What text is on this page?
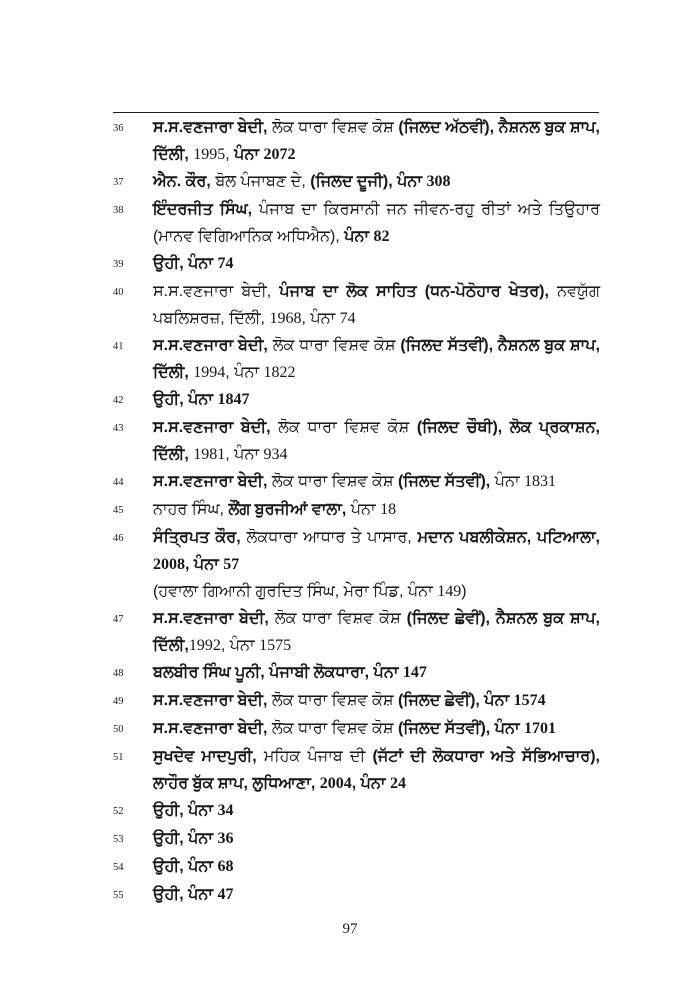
36	ਸ.ਸ.ਵਣਜਾਰਾ ਬੇਦੀ, ਲੋਕ ਧਾਰਾ ਵਿਸ਼ਵ ਕੋਸ਼ (ਜਿਲਦ ਅੱਠਵੀਂ), ਨੈਸ਼ਨਲ ਬੁਕ ਸ਼ਾਪ, ਦਿੱਲੀ, 1995, ਪੰਨਾ 2072

37	ਐਨ. ਕੌਰ, ਬੋਲ ਪੰਜਾਬਣ ਦੇ, (ਜਿਲਦ ਦੂਜੀ), ਪੰਨਾ 308

38	ਇੰਦਰਜੀਤ ਸਿੰਘ, ਪੰਜਾਬ ਦਾ ਕਿਰਸਾਨੀ ਜਨ ਜੀਵਨ-ਰਹੁ ਰੀਤਾਂ ਅਤੇ ਤਿਉਹਾਰ (ਮਾਨਵ ਵਿਗਿਆਨਿਕ ਅਧਿਐਨ), ਪੰਨਾ 82

39	ਉਹੀ, ਪੰਨਾ 74

40	ਸ.ਸ.ਵਣਜਾਰਾ ਬੇਦੀ, ਪੰਜਾਬ ਦਾ ਲੋਕ ਸਾਹਿਤ (ਧਨ-ਪੋਠੋਹਾਰ ਖੇਤਰ), ਨਵਯੁੱਗ ਪਬਲਿਸ਼ਰਜ਼, ਦਿੱਲੀ, 1968, ਪੰਨਾ 74

41	ਸ.ਸ.ਵਣਜਾਰਾ ਬੇਦੀ, ਲੋਕ ਧਾਰਾ ਵਿਸ਼ਵ ਕੋਸ਼ (ਜਿਲਦ ਸੱਤਵੀਂ), ਨੈਸ਼ਨਲ ਬੁਕ ਸ਼ਾਪ, ਦਿੱਲੀ, 1994, ਪੰਨਾ 1822

42	ਉਹੀ, ਪੰਨਾ 1847

43	ਸ.ਸ.ਵਣਜਾਰਾ ਬੇਦੀ, ਲੋਕ ਧਾਰਾ ਵਿਸ਼ਵ ਕੋਸ਼ (ਜਿਲਦ ਚੌਥੀ), ਲੋਕ ਪ੍ਰਕਾਸ਼ਨ, ਦਿੱਲੀ, 1981, ਪੰਨਾ 934

44	ਸ.ਸ.ਵਣਜਾਰਾ ਬੇਦੀ, ਲੋਕ ਧਾਰਾ ਵਿਸ਼ਵ ਕੋਸ਼ (ਜਿਲਦ ਸੱਤਵੀਂ), ਪੰਨਾ 1831

45	ਨਾਹਰ ਸਿੰਘ, ਲੌਂਗ ਬੁਰਜੀਆਂ ਵਾਲਾ, ਪੰਨਾ 18

46	ਸੰਤ੍ਰਿਪਤ ਕੌਰ, ਲੋਕਧਾਰਾ ਆਧਾਰ ਤੇ ਪਾਸਾਰ, ਮਦਾਨ ਪਬਲੀਕੇਸ਼ਨ, ਪਟਿਆਲਾ, 2008, ਪੰਨਾ 57

(ਹਵਾਲਾ ਗਿਆਨੀ ਗੁਰਦਿਤ ਸਿੰਘ, ਮੇਰਾ ਪਿੰਡ, ਪੰਨਾ 149)

47	ਸ.ਸ.ਵਣਜਾਰਾ ਬੇਦੀ, ਲੋਕ ਧਾਰਾ ਵਿਸ਼ਵ ਕੋਸ਼ (ਜਿਲਦ ਛੇਵੀਂ), ਨੈਸ਼ਨਲ ਬੁਕ ਸ਼ਾਪ, ਦਿੱਲੀ,1992, ਪੰਨਾ 1575

48	ਬਲਬੀਰ ਸਿੰਘ ਪੂਨੀ, ਪੰਜਾਬੀ ਲੋਕਧਾਰਾ, ਪੰਨਾ 147

49	ਸ.ਸ.ਵਣਜਾਰਾ ਬੇਦੀ, ਲੋਕ ਧਾਰਾ ਵਿਸ਼ਵ ਕੋਸ਼ (ਜਿਲਦ ਛੇਵੀਂ), ਪੰਨਾ 1574

50	ਸ.ਸ.ਵਣਜਾਰਾ ਬੇਦੀ, ਲੋਕ ਧਾਰਾ ਵਿਸ਼ਵ ਕੋਸ਼ (ਜਿਲਦ ਸੱਤਵੀਂ), ਪੰਨਾ 1701

51	ਸੁਖਦੇਵ ਮਾਦਪੁਰੀ, ਮਹਿਕ ਪੰਜਾਬ ਦੀ (ਜੱਟਾਂ ਦੀ ਲੋਕਧਾਰਾ ਅਤੇ ਸੱਭਿਆਚਾਰ), ਲਾਹੌਰ ਬੁੱਕ ਸ਼ਾਪ, ਲੁਧਿਆਣਾ, 2004, ਪੰਨਾ 24

52	ਉਹੀ, ਪੰਨਾ 34

53	ਉਹੀ, ਪੰਨਾ 36

54	ਉਹੀ, ਪੰਨਾ 68

55	ਉਹੀ, ਪੰਨਾ 47

97
